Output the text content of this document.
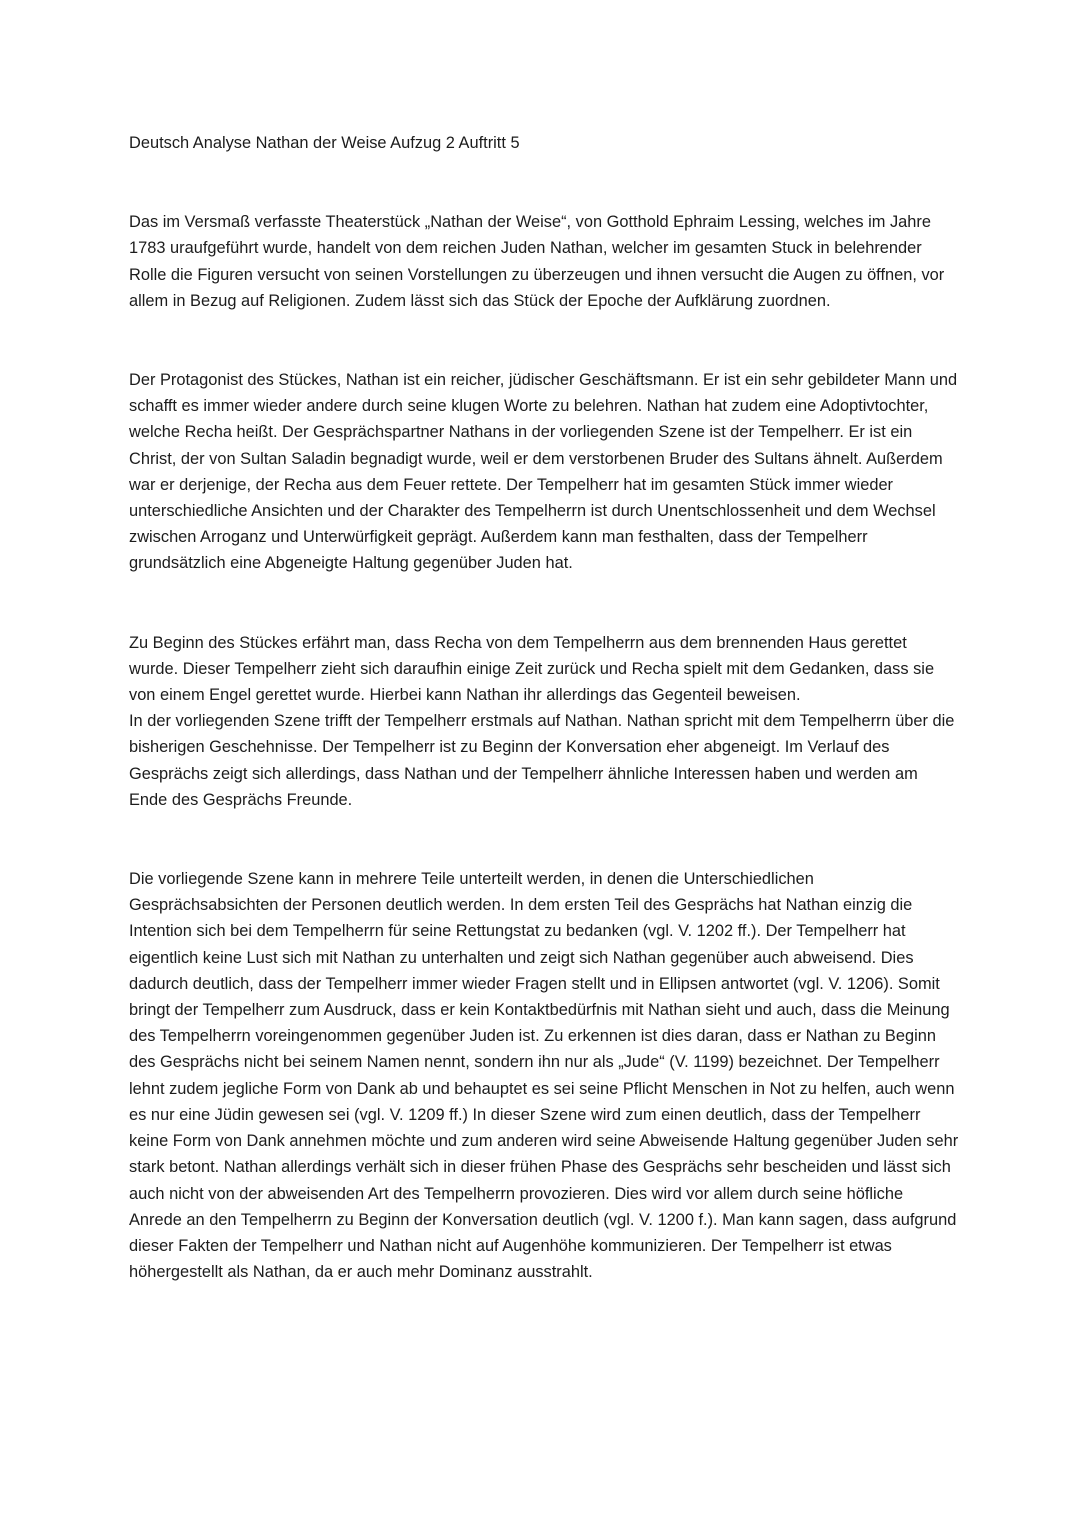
Deutsch Analyse Nathan der Weise Aufzug 2 Auftritt 5

Das im Versmaß verfasste Theaterstück „Nathan der Weise“, von Gotthold Ephraim Lessing, welches im Jahre 1783 uraufgeführt wurde, handelt von dem reichen Juden Nathan, welcher im gesamten Stuck in belehrender Rolle die Figuren versucht von seinen Vorstellungen zu überzeugen und ihnen versucht die Augen zu öffnen, vor allem in Bezug auf Religionen. Zudem lässt sich das Stück der Epoche der Aufklärung zuordnen.

Der Protagonist des Stückes, Nathan ist ein reicher, jüdischer Geschäftsmann. Er ist ein sehr gebildeter Mann und schafft es immer wieder andere durch seine klugen Worte zu belehren. Nathan hat zudem eine Adoptivtochter, welche Recha heißt. Der Gesprächspartner Nathans in der vorliegenden Szene ist der Tempelherr. Er ist ein Christ, der von Sultan Saladin begnadigt wurde, weil er dem verstorbenen Bruder des Sultans ähnelt. Außerdem war er derjenige, der Recha aus dem Feuer rettete. Der Tempelherr hat im gesamten Stück immer wieder unterschiedliche Ansichten und der Charakter des Tempelherrn ist durch Unentschlossenheit und dem Wechsel zwischen Arroganz und Unterwürfigkeit geprägt. Außerdem kann man festhalten, dass der Tempelherr grundsätzlich eine Abgeneigte Haltung gegenüber Juden hat.

Zu Beginn des Stückes erfährt man, dass Recha von dem Tempelherrn aus dem brennenden Haus gerettet wurde. Dieser Tempelherr zieht sich daraufhin einige Zeit zurück und Recha spielt mit dem Gedanken, dass sie von einem Engel gerettet wurde. Hierbei kann Nathan ihr allerdings das Gegenteil beweisen.

In der vorliegenden Szene trifft der Tempelherr erstmals auf Nathan. Nathan spricht mit dem Tempelherrn über die bisherigen Geschehnisse. Der Tempelherr ist zu Beginn der Konversation eher abgeneigt. Im Verlauf des Gesprächs zeigt sich allerdings, dass Nathan und der Tempelherr ähnliche Interessen haben und werden am Ende des Gesprächs Freunde.

Die vorliegende Szene kann in mehrere Teile unterteilt werden, in denen die Unterschiedlichen Gesprächsabsichten der Personen deutlich werden. In dem ersten Teil des Gesprächs hat Nathan einzig die Intention sich bei dem Tempelherrn für seine Rettungstat zu bedanken (vgl. V. 1202 ff.). Der Tempelherr hat eigentlich keine Lust sich mit Nathan zu unterhalten und zeigt sich Nathan gegenüber auch abweisend. Dies dadurch deutlich, dass der Tempelherr immer wieder Fragen stellt und in Ellipsen antwortet (vgl. V. 1206). Somit bringt der Tempelherr zum Ausdruck, dass er kein Kontaktbedürfnis mit Nathan sieht und auch, dass die Meinung des Tempelherrn voreingenommen gegenüber Juden ist. Zu erkennen ist dies daran, dass er Nathan zu Beginn des Gesprächs nicht bei seinem Namen nennt, sondern ihn nur als „Jude“ (V. 1199) bezeichnet. Der Tempelherr lehnt zudem jegliche Form von Dank ab und behauptet es sei seine Pflicht Menschen in Not zu helfen, auch wenn es nur eine Jüdin gewesen sei (vgl. V. 1209 ff.) In dieser Szene wird zum einen deutlich, dass der Tempelherr keine Form von Dank annehmen möchte und zum anderen wird seine Abweisende Haltung gegenüber Juden sehr stark betont. Nathan allerdings verhält sich in dieser frühen Phase des Gesprächs sehr bescheiden und lässt sich auch nicht von der abweisenden Art des Tempelherrn provozieren. Dies wird vor allem durch seine höfliche Anrede an den Tempelherrn zu Beginn der Konversation deutlich (vgl. V. 1200 f.). Man kann sagen, dass aufgrund dieser Fakten der Tempelherr und Nathan nicht auf Augenhöhe kommunizieren. Der Tempelherr ist etwas höhergestellt als Nathan, da er auch mehr Dominanz ausstrahlt.
